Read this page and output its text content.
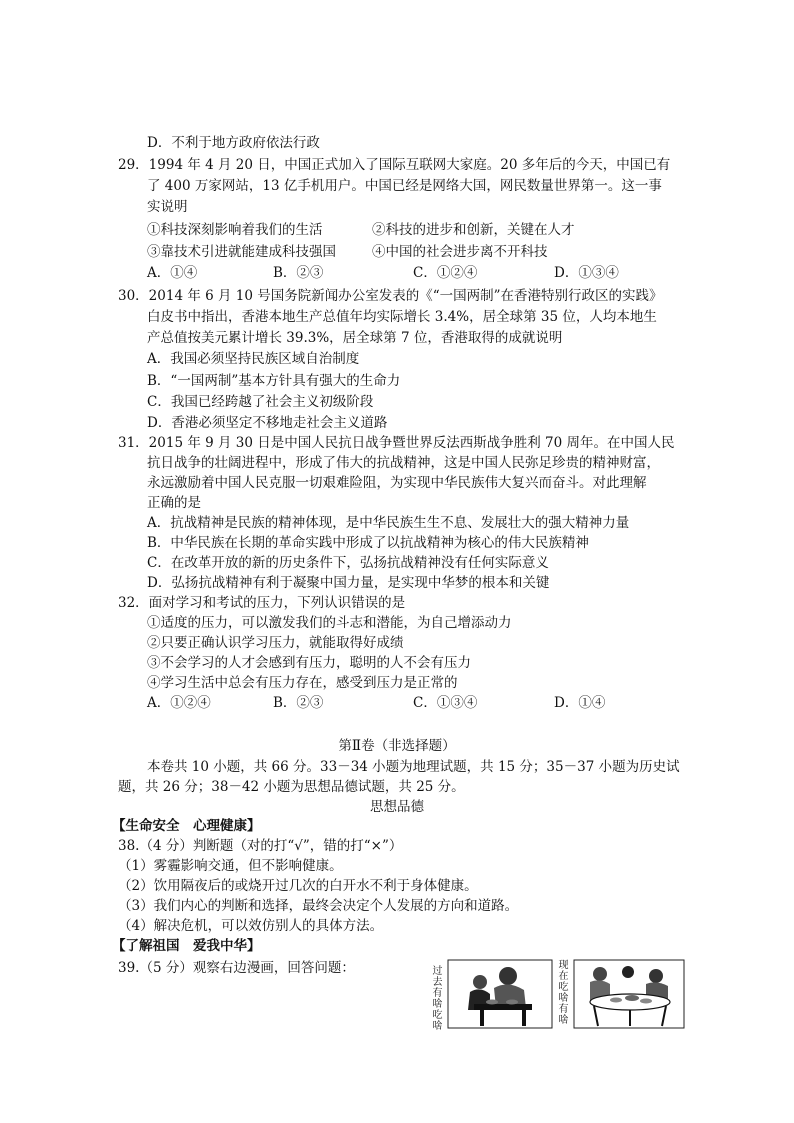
D．不利于地方政府依法行政
29．1994 年 4 月 20 日，中国正式加入了国际互联网大家庭。20 多年后的今天，中国已有
了 400 万家网站，13 亿手机用户。中国已经是网络大国，网民数量世界第一。这一事
实说明
①科技深刻影响着我们的生活	②科技的进步和创新，关键在人才
③靠技术引进就能建成科技强国	④中国的社会进步离不开科技
A．①④	B．②③	C．①②④	D．①③④
30．2014 年 6 月 10 号国务院新闻办公室发表的《“一国两制”在香港特别行政区的实践》
白皮书中指出，香港本地生产总值年均实际增长 3.4%，居全球第 35 位，人均本地生
产总值按美元累计增长 39.3%，居全球第 7 位，香港取得的成就说明
A．我国必须坚持民族区域自治制度
B．“一国两制”基本方针具有强大的生命力
C．我国已经跨越了社会主义初级阶段
D．香港必须坚定不移地走社会主义道路
31．2015 年 9 月 30 日是中国人民抗日战争暨世界反法西斯战争胜利 70 周年。在中国人民
抗日战争的壮阔进程中，形成了伟大的抗战精神，这是中国人民弥足珍贵的精神财富，
永远激励着中国人民克服一切艰难险阻，为实现中华民族伟大复兴而奋斗。对此理解
正确的是
A．抗战精神是民族的精神体现，是中华民族生生不息、发展壮大的强大精神力量
B．中华民族在长期的革命实践中形成了以抗战精神为核心的伟大民族精神
C．在改革开放的新的历史条件下，弘扬抗战精神没有任何实际意义
D．弘扬抗战精神有利于凝聚中国力量，是实现中华梦的根本和关键
32．面对学习和考试的压力，下列认识错误的是
①适度的压力，可以激发我们的斗志和潜能，为自己增添动力
②只要正确认识学习压力，就能取得好成绩
③不会学习的人才会感到有压力，聪明的人不会有压力
④学习生活中总会有压力存在，感受到压力是正常的
A．①②④	B．②③	C．①③④	D．①④
第Ⅱ卷（非选择题）
本卷共 10 小题，共 66 分。33－34 小题为地理试题，共 15 分；35－37 小题为历史试
题，共 26 分；38－42 小题为思想品德试题，共 25 分。
思想品德
【生命安全　心理健康】
38.（4 分）判断题（对的打“√”，错的打“×”）
（1）雾霾影响交通，但不影响健康。
（2）饮用隔夜后的或烧开过几次的白开水不利于身体健康。
（3）我们内心的判断和选择，最终会决定个人发展的方向和道路。
（4）解决危机，可以效仿别人的具体方法。
【了解祖国　爱我中华】
39.（5 分）观察右边漫画，回答问题：	过去有啥吃啥
现在吃啥有啥
